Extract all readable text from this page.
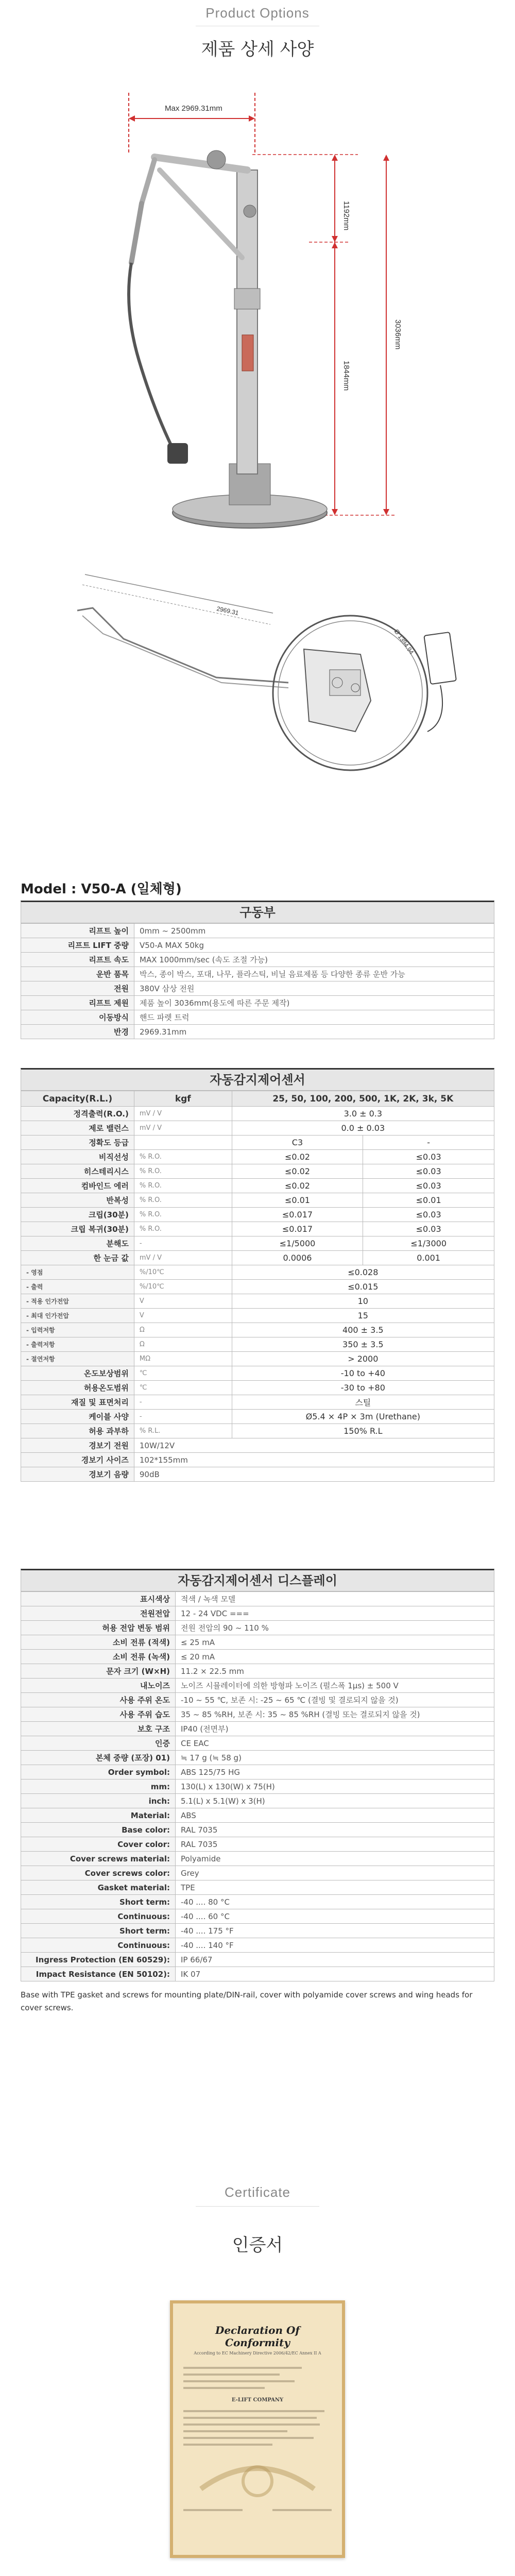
Product Options
제품 상세 사양
Max 2969.31mm
1192mm
1844mm
3036mm
2969.31
Ø 1394.94
Model : V50-A (일체형)
구동부
리프트 높이	0mm ~ 2500mm
리프트 LIFT 중량	V50-A MAX 50kg
리프트 속도	MAX 1000mm/sec (속도 조절 가능)
운반 품목	박스, 종이 박스, 포대, 나무, 플라스틱, 비닐 음료제품 등 다양한 종류 운반 가능
전원	380V 삼상 전원
리프트 제원	제품 높이 3036mm(용도에 따른 주문 제작)
이동방식	핸드 파렛 트럭
반경	2969.31mm
자동감지제어센서
Capacity(R.L.)	kgf	25, 50, 100, 200, 500, 1K, 2K, 3k, 5K	
정격출력(R.O.)	mV / V	3.0 ± 0.3	
제로 밸런스	mV / V	0.0 ± 0.03	
정확도 등급		C3	-
비직선성	% R.O.	≤0.02	≤0.03
히스테리시스	% R.O.	≤0.02	≤0.03
컴바인드 에러	% R.O.	≤0.02	≤0.03
반복성	% R.O.	≤0.01	≤0.01
크립(30분)	% R.O.	≤0.017	≤0.03
크립 복귀(30분)	% R.O.	≤0.017	≤0.03
분해도	-	≤1/5000	≤1/3000
한 눈금 값	mV / V	0.0006	0.001
- 영점	%/10℃	≤0.028	
- 출력	%/10℃	≤0.015	
- 적용 인가전압	V	10	
- 최대 인가전압	V	15	
- 입력저항	Ω	400 ± 3.5	
- 출력저항	Ω	350 ± 3.5	
- 절연저항	MΩ	> 2000	
온도보상범위	℃	-10 to +40	
허용온도범위	℃	-30 to +80	
재질 및 표면처리	-	스틸	
케이블 사양	-	Ø5.4 × 4P × 3m (Urethane)	
허용 과부하	% R.L.	150% R.L	
경보기 전원	10W/12V		
경보기 사이즈	102*155mm		
경보기 음량	90dB		
자동감지제어센서 디스플레이
표시색상	적색 / 녹색 모델
전원전압	12 - 24 VDC ===
허용 전압 변동 범위	전원 전압의 90 ~ 110 %
소비 전류 (적색)	≤ 25 mA
소비 전류 (녹색)	≤ 20 mA
문자 크기 (W×H)	11.2 × 22.5 mm
내노이즈	노이즈 시뮬레이터에 의한 방형파 노이즈 (펄스폭 1μs) ± 500 V
사용 주위 온도	-10 ~ 55 ℃, 보존 시: -25 ~ 65 ℃ (결빙 및 결로되지 않을 것)
사용 주위 습도	35 ~ 85 %RH, 보존 시: 35 ~ 85 %RH (결빙 또는 결로되지 않을 것)
보호 구조	IP40 (전면부)
인증	CE EAC
본체 중량 (포장) 01)	≒ 17 g (≒ 58 g)
Order symbol:	ABS 125/75 HG
mm:	130(L) x 130(W) x 75(H)
inch:	5.1(L) x 5.1(W) x 3(H)
Material:	ABS
Base color:	RAL 7035
Cover color:	RAL 7035
Cover screws material:	Polyamide
Cover screws color:	Grey
Gasket material:	TPE
Short term:	-40 .... 80 °C
Continuous:	-40 .... 60 °C
Short term:	-40 .... 175 °F
Continuous:	-40 .... 140 °F
Ingress Protection (EN 60529):	IP 66/67
Impact Resistance (EN 50102):	IK 07
Base with TPE gasket and screws for mounting plate/DIN-rail, cover with polyamide cover screws and wing heads for cover screws.
Certificate
인증서
Declaration Of Conformity
According to EC Machinery Directive 2006/42/EC Annex II A
E-LIFT COMPANY
